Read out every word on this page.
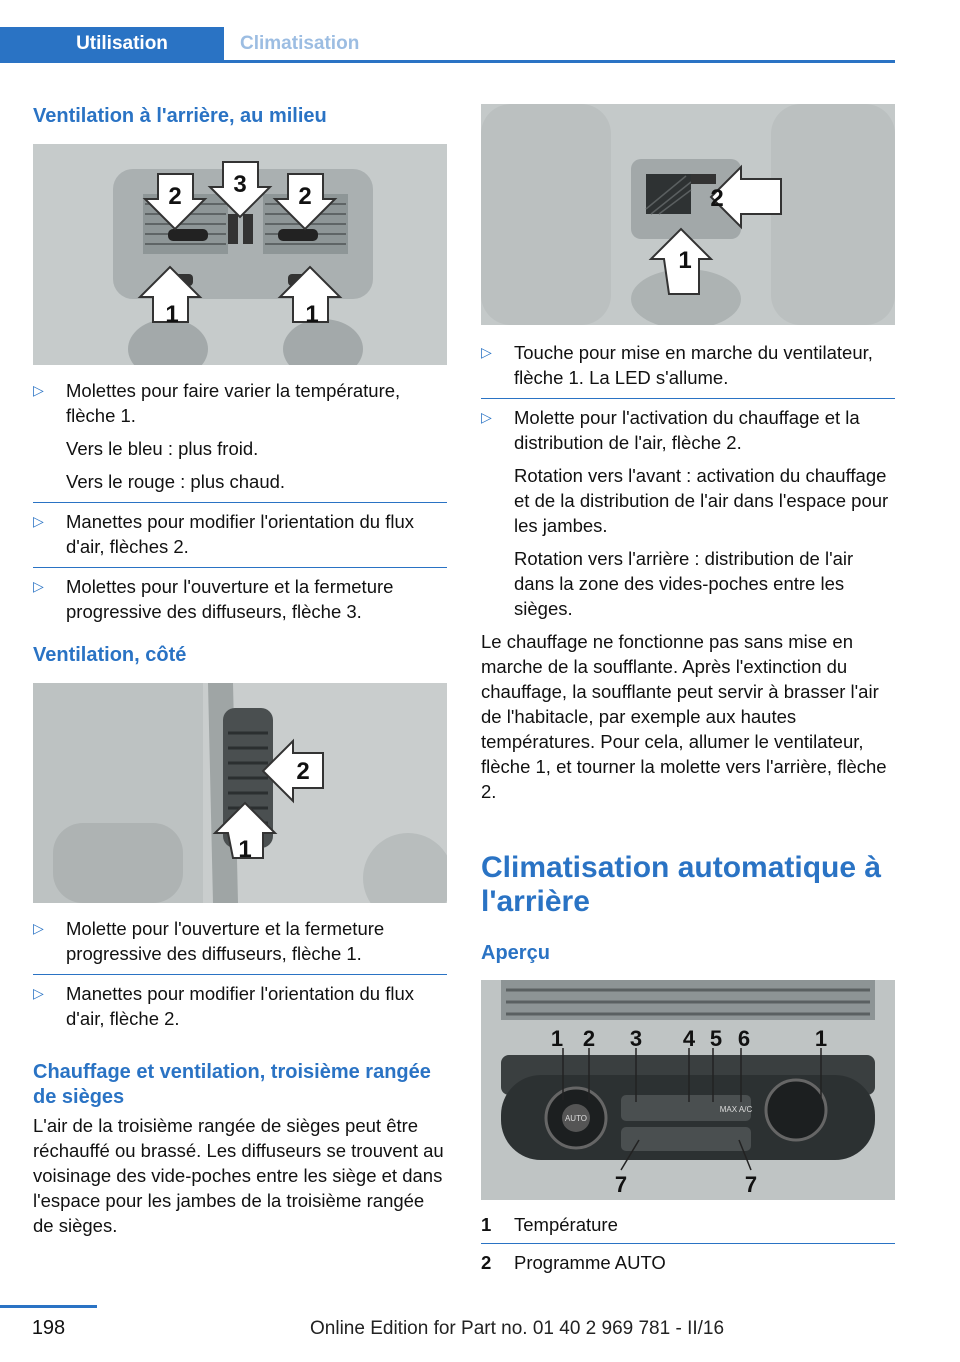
Utilisation	Climatisation
Ventilation à l'arrière, au milieu
2 3 2
1	1
▷ Molettes pour faire varier la température, flèche 1.

Vers le bleu : plus froid.

Vers le rouge : plus chaud.

▷ Manettes pour modifier l'orientation du flux d'air, flèches 2.

▷ Molettes pour l'ouverture et la fermeture progressive des diffuseurs, flèche 3.

Ventilation, côté
2
1
▷ Molette pour l'ouverture et la fermeture progressive des diffuseurs, flèche 1.

▷ Manettes pour modifier l'orientation du flux d'air, flèche 2.

Chauffage et ventilation, troisième rangée de sièges

L'air de la troisième rangée de sièges peut être réchauffé ou brassé. Les diffuseurs se trouvent au voisinage des vide-poches entre les siège et dans l'espace pour les jambes de la troisième rangée de sièges.

2
1
▷ Touche pour mise en marche du ventilateur, flèche 1. La LED s'allume.

▷ Molette pour l'activation du chauffage et la distribution de l'air, flèche 2.

Rotation vers l'avant : activation du chauffage et de la distribution de l'air dans l'espace pour les jambes.

Rotation vers l'arrière : distribution de l'air dans la zone des vides-poches entre les sièges.

Le chauffage ne fonctionne pas sans mise en marche de la soufflante. Après l'extinction du chauffage, la soufflante peut servir à brasser l'air de l'habitacle, par exemple aux hautes températures. Pour cela, allumer le ventilateur, flèche 1, et tourner la molette vers l'arrière, flèche 2.

Climatisation automatique à l'arrière
Aperçu
AUTO
MAX A/C
1 2 3 4 5 6	1
7	7
1	Température
2	Programme AUTO
198	Online Edition for Part no. 01 40 2 969 781 - II/16
